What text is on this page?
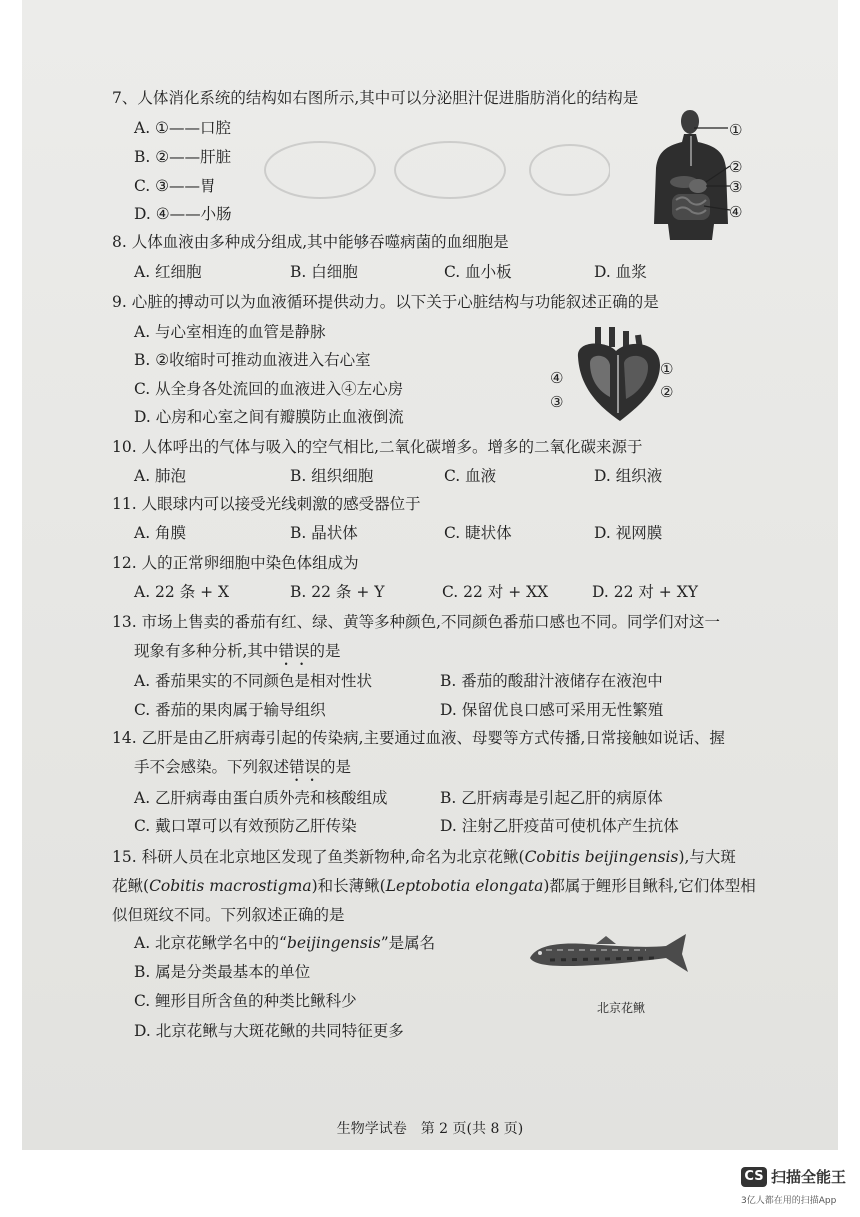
7、人体消化系统的结构如右图所示,其中可以分泌胆汁促进脂肪消化的结构是
A. ①——口腔
B. ②——肝脏
C. ③——胃
D. ④——小肠
①
②
③
④
8. 人体血液由多种成分组成,其中能够吞噬病菌的血细胞是
A. 红细胞	B. 白细胞	C. 血小板	D. 血浆
9. 心脏的搏动可以为血液循环提供动力。以下关于心脏结构与功能叙述正确的是
A. 与心室相连的血管是静脉
B. ②收缩时可推动血液进入右心室
C. 从全身各处流回的血液进入④左心房
D. 心房和心室之间有瓣膜防止血液倒流
④
③
①
②
10. 人体呼出的气体与吸入的空气相比,二氧化碳增多。增多的二氧化碳来源于
A. 肺泡	B. 组织细胞	C. 血液	D. 组织液
11. 人眼球内可以接受光线刺激的感受器位于
A. 角膜	B. 晶状体	C. 睫状体	D. 视网膜
12. 人的正常卵细胞中染色体组成为
A. 22 条 + X	B. 22 条 + Y	C. 22 对 + XX	D. 22 对 + XY
13. 市场上售卖的番茄有红、绿、黄等多种颜色,不同颜色番茄口感也不同。同学们对这一
现象有多种分析,其中错误的是
A. 番茄果实的不同颜色是相对性状	B. 番茄的酸甜汁液储存在液泡中
C. 番茄的果肉属于输导组织	D. 保留优良口感可采用无性繁殖
14. 乙肝是由乙肝病毒引起的传染病,主要通过血液、母婴等方式传播,日常接触如说话、握
手不会感染。下列叙述错误的是
A. 乙肝病毒由蛋白质外壳和核酸组成	B. 乙肝病毒是引起乙肝的病原体
C. 戴口罩可以有效预防乙肝传染	D. 注射乙肝疫苗可使机体产生抗体
15. 科研人员在北京地区发现了鱼类新物种,命名为北京花鳅(Cobitis beijingensis),与大斑
花鳅(Cobitis macrostigma)和长薄鳅(Leptobotia elongata)都属于鲤形目鳅科,它们体型相
似但斑纹不同。下列叙述正确的是
A. 北京花鳅学名中的“beijingensis”是属名
B. 属是分类最基本的单位
C. 鲤形目所含鱼的种类比鳅科少
D. 北京花鳅与大斑花鳅的共同特征更多
北京花鳅
生物学试卷　第 2 页(共 8 页)
CS 扫描全能王
3亿人都在用的扫描App
